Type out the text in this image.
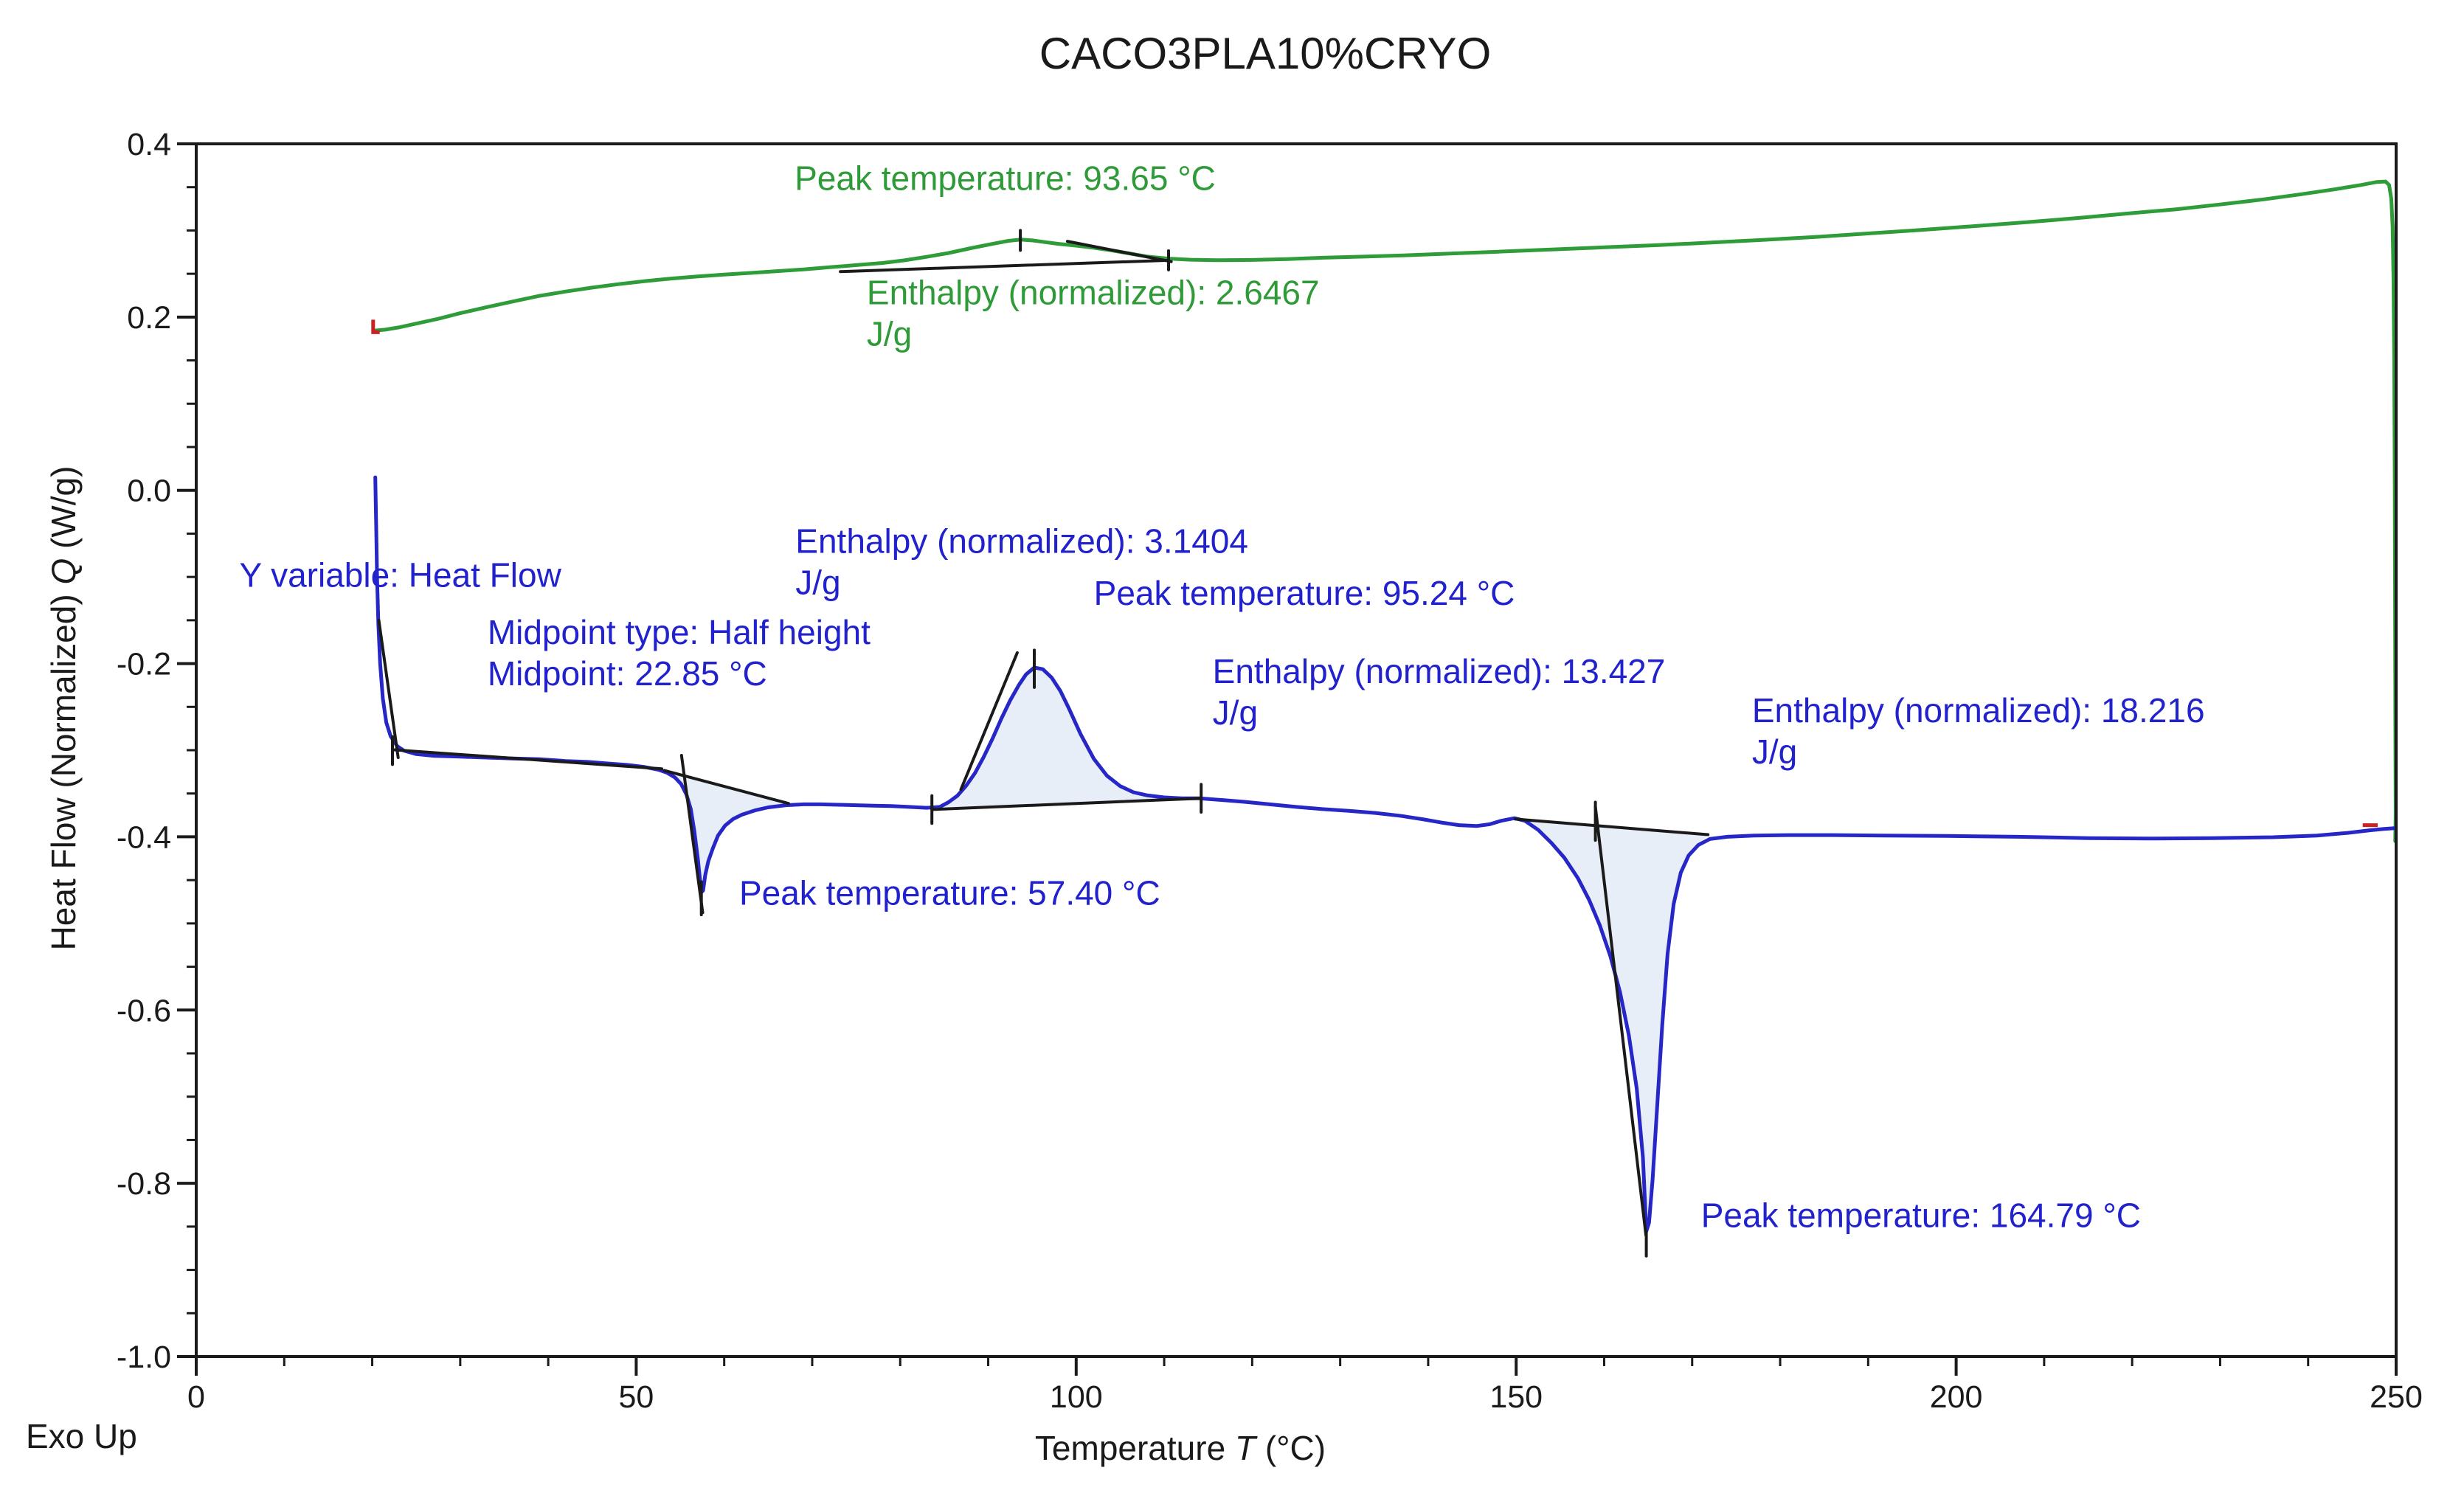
CACO3PLA10%CRYO
0	50	100	150	200	250
0.4
0.2
0.0
-0.2
-0.4
-0.6
-0.8
-1.0
Peak temperature: 93.65 °C
Enthalpy (normalized): 2.6467 J/g
Y variable: Heat Flow
Midpoint type: Half height Midpoint: 22.85 °C
Enthalpy (normalized): 3.1404 J/g	Peak temperature: 95.24 °C
Enthalpy (normalized): 13.427 J/g	Enthalpy (normalized): 18.216 J/g
Peak temperature: 57.40 °C
Peak temperature: 164.79 °C
Heat Flow (Normalized) Q (W/g)
Temperature T (°C)
Exo Up
